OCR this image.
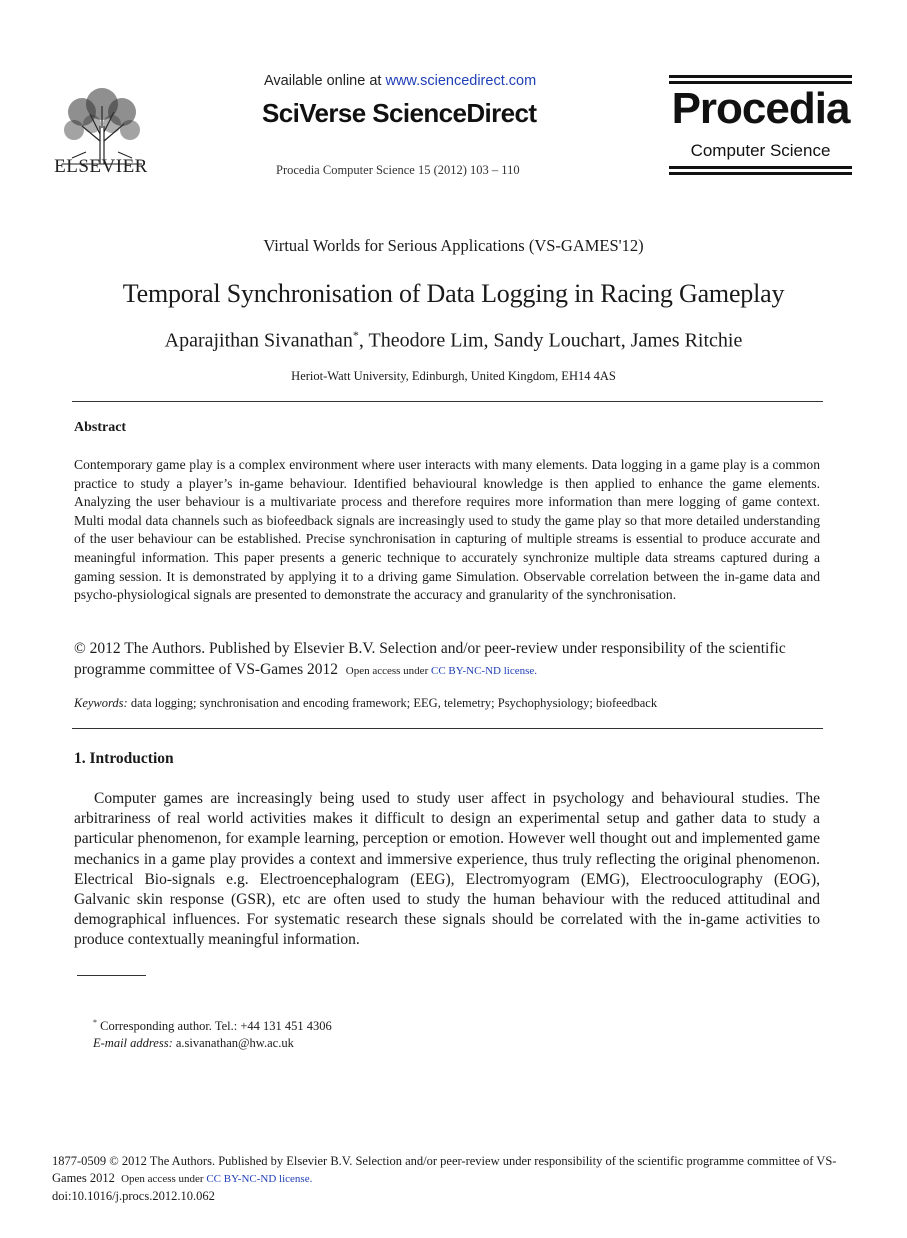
ELSEVIER
Available online at www.sciencedirect.com
SciVerse ScienceDirect
Procedia Computer Science 15 (2012) 103 – 110
Procedia
Computer Science
Virtual Worlds for Serious Applications (VS-GAMES'12)
Temporal Synchronisation of Data Logging in Racing Gameplay
Aparajithan Sivanathan*, Theodore Lim, Sandy Louchart, James Ritchie
Heriot-Watt University, Edinburgh, United Kingdom, EH14 4AS
Abstract
Contemporary game play is a complex environment where user interacts with many elements. Data logging in a game play is a common practice to study a player’s in-game behaviour. Identified behavioural knowledge is then applied to enhance the game elements. Analyzing the user behaviour is a multivariate process and therefore requires more information than mere logging of game context. Multi modal data channels such as biofeedback signals are increasingly used to study the game play so that more detailed understanding of the user behaviour can be established. Precise synchronisation in capturing of multiple streams is essential to produce accurate and meaningful information. This paper presents a generic technique to accurately synchronize multiple data streams captured during a gaming session. It is demonstrated by applying it to a driving game Simulation. Observable correlation between the in-game data and psycho-physiological signals are presented to demonstrate the accuracy and granularity of the synchronisation.
© 2012 The Authors. Published by Elsevier B.V. Selection and/or peer-review under responsibility of the scientific programme committee of VS-Games 2012 Open access under CC BY-NC-ND license.
Keywords: data logging; synchronisation and encoding framework; EEG, telemetry; Psychophysiology; biofeedback
1. Introduction
Computer games are increasingly being used to study user affect in psychology and behavioural studies. The arbitrariness of real world activities makes it difficult to design an experimental setup and gather data to study a particular phenomenon, for example learning, perception or emotion. However well thought out and implemented game mechanics in a game play provides a context and immersive experience, thus truly reflecting the original phenomenon. Electrical Bio-signals e.g. Electroencephalogram (EEG), Electromyogram (EMG), Electrooculography (EOG), Galvanic skin response (GSR), etc are often used to study the human behaviour with the reduced attitudinal and demographical influences. For systematic research these signals should be correlated with the in-game activities to produce contextually meaningful information.
* Corresponding author. Tel.: +44 131 451 4306
E-mail address: a.sivanathan@hw.ac.uk
1877-0509 © 2012 The Authors. Published by Elsevier B.V. Selection and/or peer-review under responsibility of the scientific programme committee of VS-Games 2012 Open access under CC BY-NC-ND license.
doi:10.1016/j.procs.2012.10.062
